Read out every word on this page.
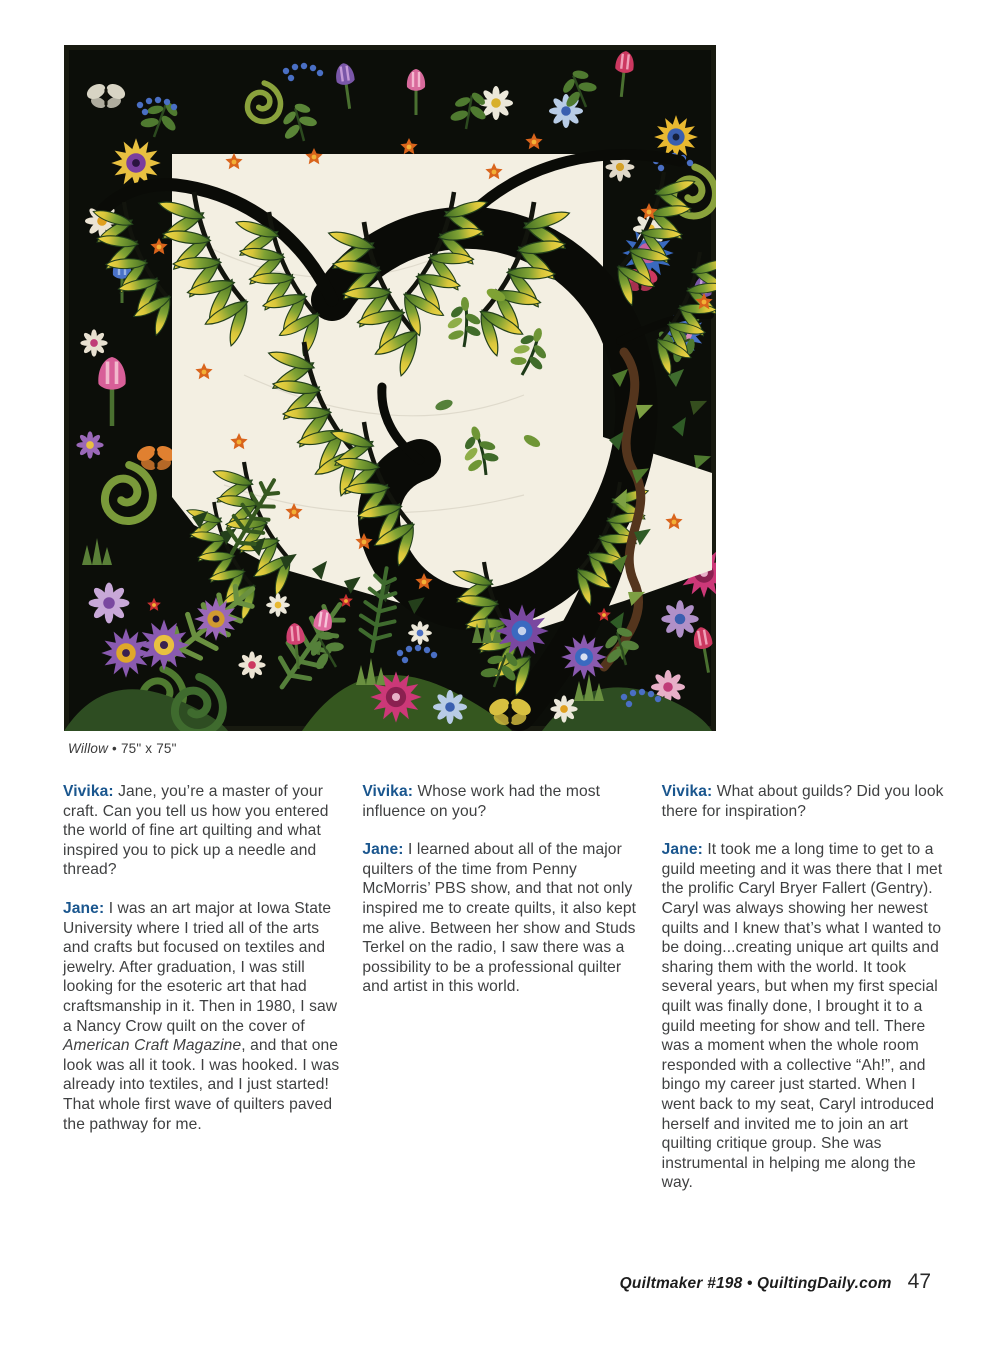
Willow • 75" x 75"

Vivika: Jane, you’re a master of your craft. Can you tell us how you entered the world of fine art quilting and what inspired you to pick up a needle and thread?

Jane: I was an art major at Iowa State University where I tried all of the arts and crafts but focused on textiles and jewelry. After graduation, I was still looking for the esoteric art that had craftsmanship in it. Then in 1980, I saw a Nancy Crow quilt on the cover of American Craft Magazine, and that one look was all it took. I was hooked. I was already into textiles, and I just started! That whole first wave of quilters paved the pathway for me.

Vivika: Whose work had the most influence on you?

Jane: I learned about all of the major quilters of the time from Penny McMorris’ PBS show, and that not only inspired me to create quilts, it also kept me alive. Between her show and Studs Terkel on the radio, I saw there was a possibility to be a professional quilter and artist in this world.

Vivika: What about guilds? Did you look there for inspiration?

Jane: It took me a long time to get to a guild meeting and it was there that I met the prolific Caryl Bryer Fallert (Gentry). Caryl was always showing her newest quilts and I knew that’s what I wanted to be doing...creating unique art quilts and sharing them with the world. It took several years, but when my first special quilt was finally done, I brought it to a guild meeting for show and tell. There was a moment when the whole room responded with a collective “Ah!”, and bingo my career just started. When I went back to my seat, Caryl introduced herself and invited me to join an art quilting critique group. She was instrumental in helping me along the way.

Quiltmaker #198 • QuiltingDaily.com 47
